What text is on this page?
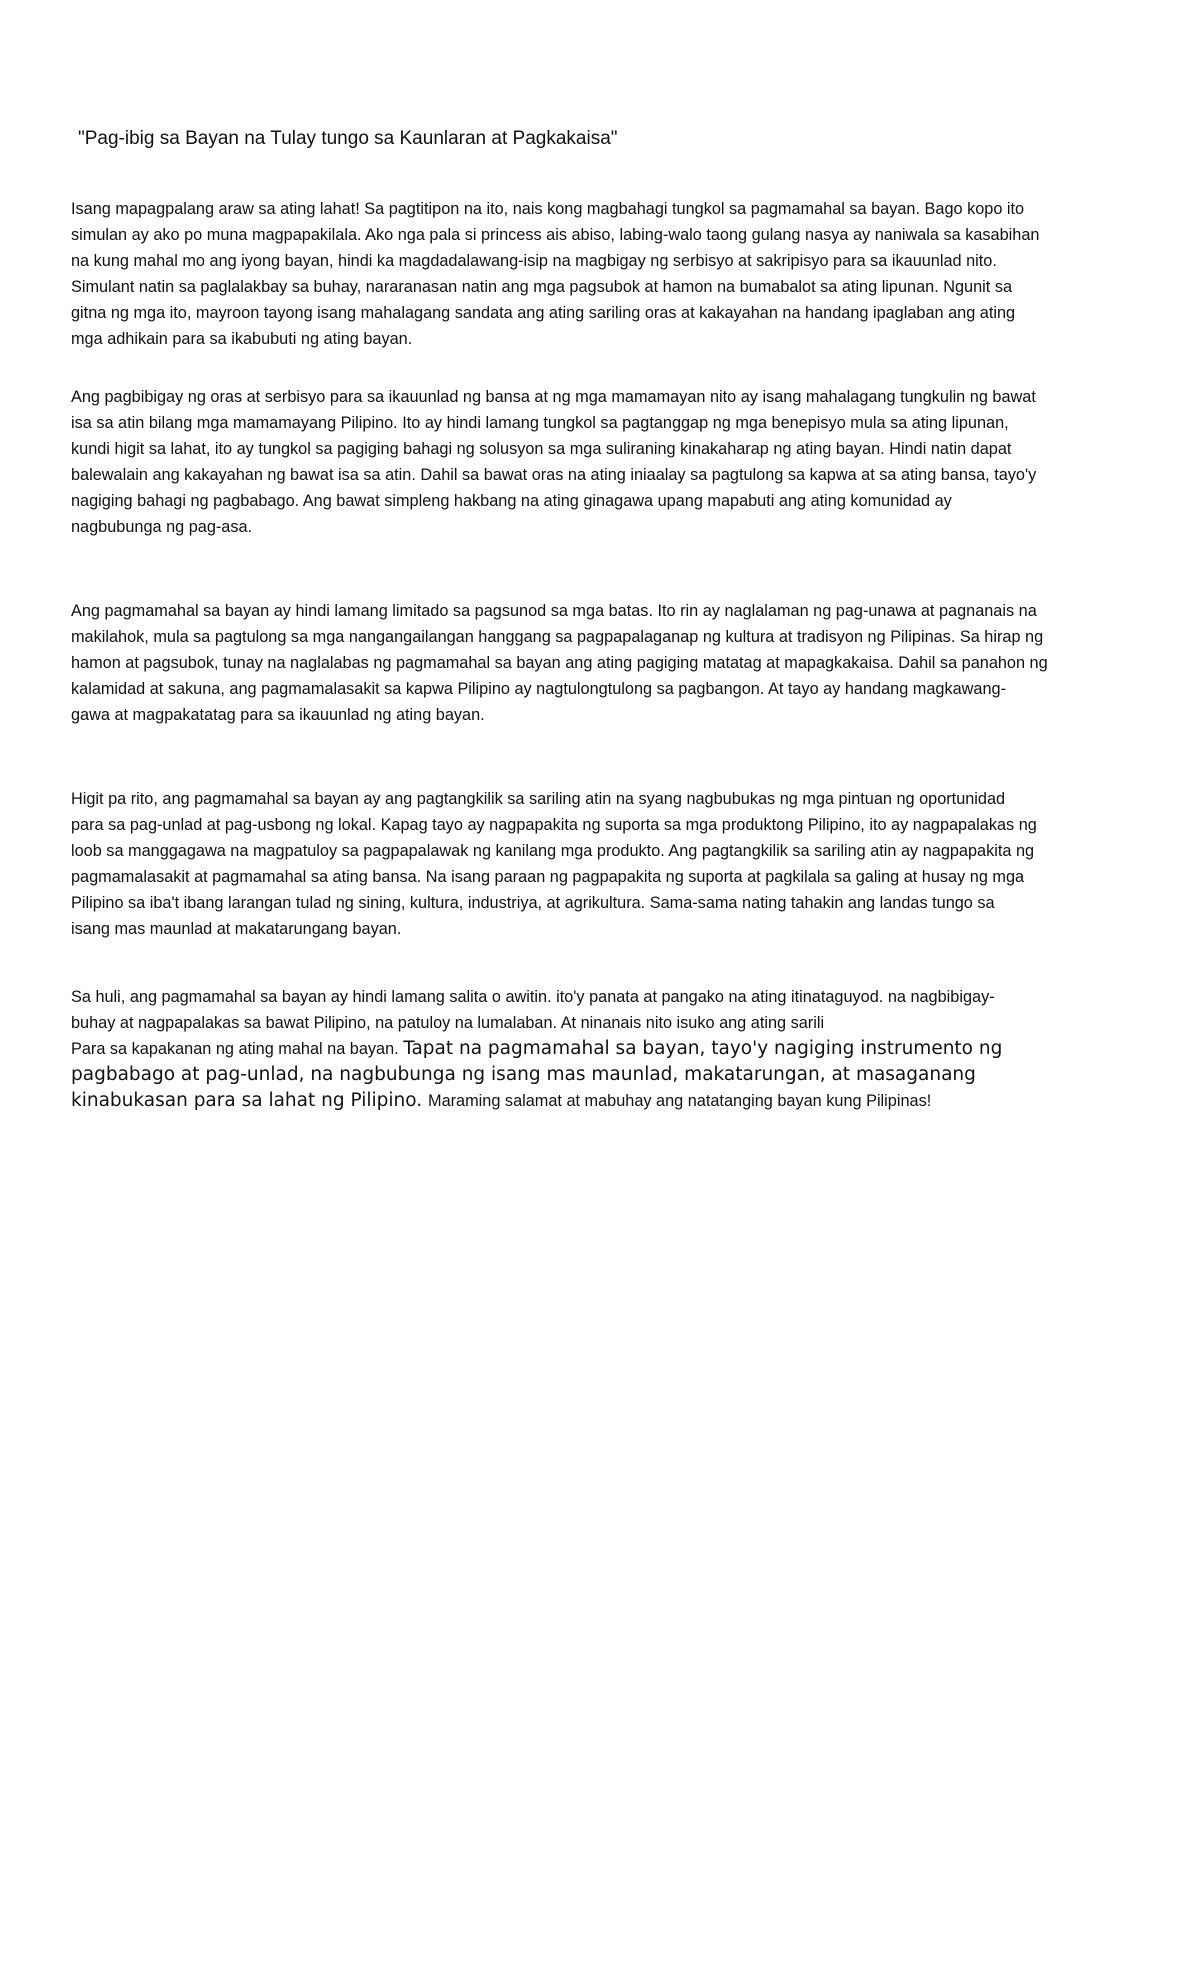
"Pag-ibig sa Bayan na Tulay tungo sa Kaunlaran at Pagkakaisa"
Isang mapagpalang araw sa ating lahat! Sa pagtitipon na ito, nais kong magbahagi tungkol sa pagmamahal sa bayan. Bago kopo ito
simulan ay ako po muna magpapakilala. Ako nga pala si princess ais abiso, labing-walo taong gulang nasya ay naniwala sa kasabihan
na kung mahal mo ang iyong bayan, hindi ka magdadalawang-isip na magbigay ng serbisyo at sakripisyo para sa ikauunlad nito.
Simulant natin sa paglalakbay sa buhay, nararanasan natin ang mga pagsubok at hamon na bumabalot sa ating lipunan. Ngunit sa
gitna ng mga ito, mayroon tayong isang mahalagang sandata ang ating sariling oras at kakayahan na handang ipaglaban ang ating
mga adhikain para sa ikabubuti ng ating bayan.
Ang pagbibigay ng oras at serbisyo para sa ikauunlad ng bansa at ng mga mamamayan nito ay isang mahalagang tungkulin ng bawat
isa sa atin bilang mga mamamayang Pilipino. Ito ay hindi lamang tungkol sa pagtanggap ng mga benepisyo mula sa ating lipunan,
kundi higit sa lahat, ito ay tungkol sa pagiging bahagi ng solusyon sa mga suliraning kinakaharap ng ating bayan. Hindi natin dapat
balewalain ang kakayahan ng bawat isa sa atin. Dahil sa bawat oras na ating iniaalay sa pagtulong sa kapwa at sa ating bansa, tayo'y
nagiging bahagi ng pagbabago. Ang bawat simpleng hakbang na ating ginagawa upang mapabuti ang ating komunidad ay
nagbubunga ng pag-asa.
Ang pagmamahal sa bayan ay hindi lamang limitado sa pagsunod sa mga batas. Ito rin ay naglalaman ng pag-unawa at pagnanais na
makilahok, mula sa pagtulong sa mga nangangailangan hanggang sa pagpapalaganap ng kultura at tradisyon ng Pilipinas. Sa hirap ng
hamon at pagsubok, tunay na naglalabas ng pagmamahal sa bayan ang ating pagiging matatag at mapagkakaisa. Dahil sa panahon ng
kalamidad at sakuna, ang pagmamalasakit sa kapwa Pilipino ay nagtulongtulong sa pagbangon. At tayo ay handang magkawang-
gawa at magpakatatag para sa ikauunlad ng ating bayan.
Higit pa rito, ang pagmamahal sa bayan ay ang pagtangkilik sa sariling atin na syang nagbubukas ng mga pintuan ng oportunidad
para sa pag-unlad at pag-usbong ng lokal. Kapag tayo ay nagpapakita ng suporta sa mga produktong Pilipino, ito ay nagpapalakas ng
loob sa manggagawa na magpatuloy sa pagpapalawak ng kanilang mga produkto. Ang pagtangkilik sa sariling atin ay nagpapakita ng
pagmamalasakit at pagmamahal sa ating bansa. Na isang paraan ng pagpapakita ng suporta at pagkilala sa galing at husay ng mga
Pilipino sa iba't ibang larangan tulad ng sining, kultura, industriya, at agrikultura. Sama-sama nating tahakin ang landas tungo sa
isang mas maunlad at makatarungang bayan.
Sa huli, ang pagmamahal sa bayan ay hindi lamang salita o awitin. ito'y panata at pangako na ating itinataguyod. na nagbibigay-
buhay at nagpapalakas sa bawat Pilipino, na patuloy na lumalaban. At ninanais nito isuko ang ating sarili
Para sa kapakanan ng ating mahal na bayan. Tapat na pagmamahal sa bayan, tayo'y nagiging instrumento ng
pagbabago at pag-unlad, na nagbubunga ng isang mas maunlad, makatarungan, at masaganang
kinabukasan para sa lahat ng Pilipino. Maraming salamat at mabuhay ang natatanging bayan kung Pilipinas!
